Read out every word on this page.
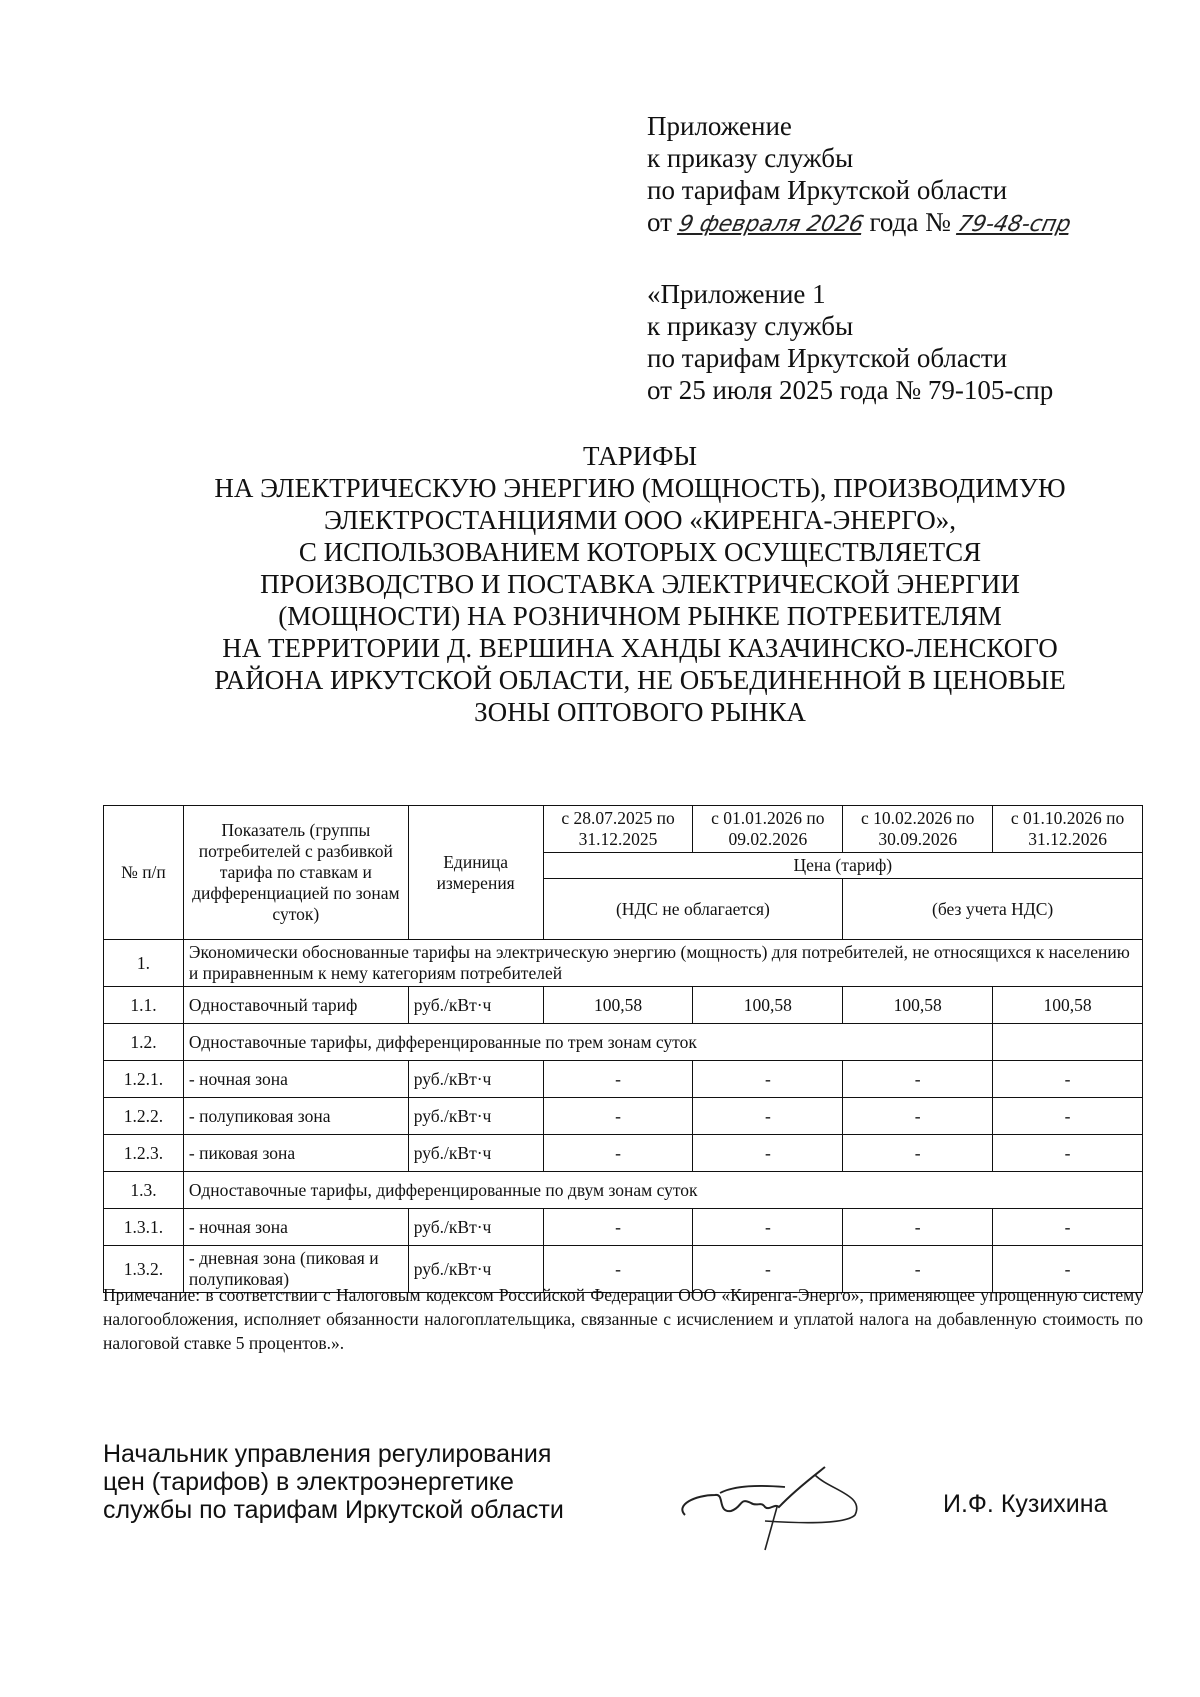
Приложение
к приказу службы
по тарифам Иркутской области
от 9 февраля 2026 года № 79-48-спр
«Приложение 1
к приказу службы
по тарифам Иркутской области
от 25 июля 2025 года № 79-105-спр
ТАРИФЫ
НА ЭЛЕКТРИЧЕСКУЮ ЭНЕРГИЮ (МОЩНОСТЬ), ПРОИЗВОДИМУЮ
ЭЛЕКТРОСТАНЦИЯМИ ООО «КИРЕНГА-ЭНЕРГО»,
С ИСПОЛЬЗОВАНИЕМ КОТОРЫХ ОСУЩЕСТВЛЯЕТСЯ
ПРОИЗВОДСТВО И ПОСТАВКА ЭЛЕКТРИЧЕСКОЙ ЭНЕРГИИ
(МОЩНОСТИ) НА РОЗНИЧНОМ РЫНКЕ ПОТРЕБИТЕЛЯМ
НА ТЕРРИТОРИИ Д. ВЕРШИНА ХАНДЫ КАЗАЧИНСКО-ЛЕНСКОГО
РАЙОНА ИРКУТСКОЙ ОБЛАСТИ, НЕ ОБЪЕДИНЕННОЙ В ЦЕНОВЫЕ
ЗОНЫ ОПТОВОГО РЫНКА
№ п/п	Показатель (группы потребителей с разбивкой тарифа по ставкам и дифференциацией по зонам суток)	Единица измерения	с 28.07.2025 по 31.12.2025	с 01.01.2026 по 09.02.2026	с 10.02.2026 по 30.09.2026	с 01.10.2026 по 31.12.2026
			Цена (тариф)			
			(НДС не облагается)		(без учета НДС)	
1.	Экономически обоснованные тарифы на электрическую энергию (мощность) для потребителей, не относящихся к населению и приравненным к нему категориям потребителей					
1.1.	Одноставочный тариф	руб./кВт·ч	100,58	100,58	100,58	100,58
1.2.	Одноставочные тарифы, дифференцированные по трем зонам суток					
1.2.1.	- ночная зона	руб./кВт·ч	-	-	-	-
1.2.2.	- полупиковая зона	руб./кВт·ч	-	-	-	-
1.2.3.	- пиковая зона	руб./кВт·ч	-	-	-	-
1.3.	Одноставочные тарифы, дифференцированные по двум зонам суток					
1.3.1.	- ночная зона	руб./кВт·ч	-	-	-	-
1.3.2.	- дневная зона (пиковая и полупиковая)	руб./кВт·ч	-	-	-	-
Примечание: в соответствии с Налоговым кодексом Российской Федерации ООО «Киренга-Энерго», применяющее упрощенную систему налогообложения, исполняет обязанности налогоплательщика, связанные с исчислением и уплатой налога на добавленную стоимость по налоговой ставке 5 процентов.».
Начальник управления регулирования
цен (тарифов) в электроэнергетике
службы по тарифам Иркутской области	И.Ф. Кузихина
